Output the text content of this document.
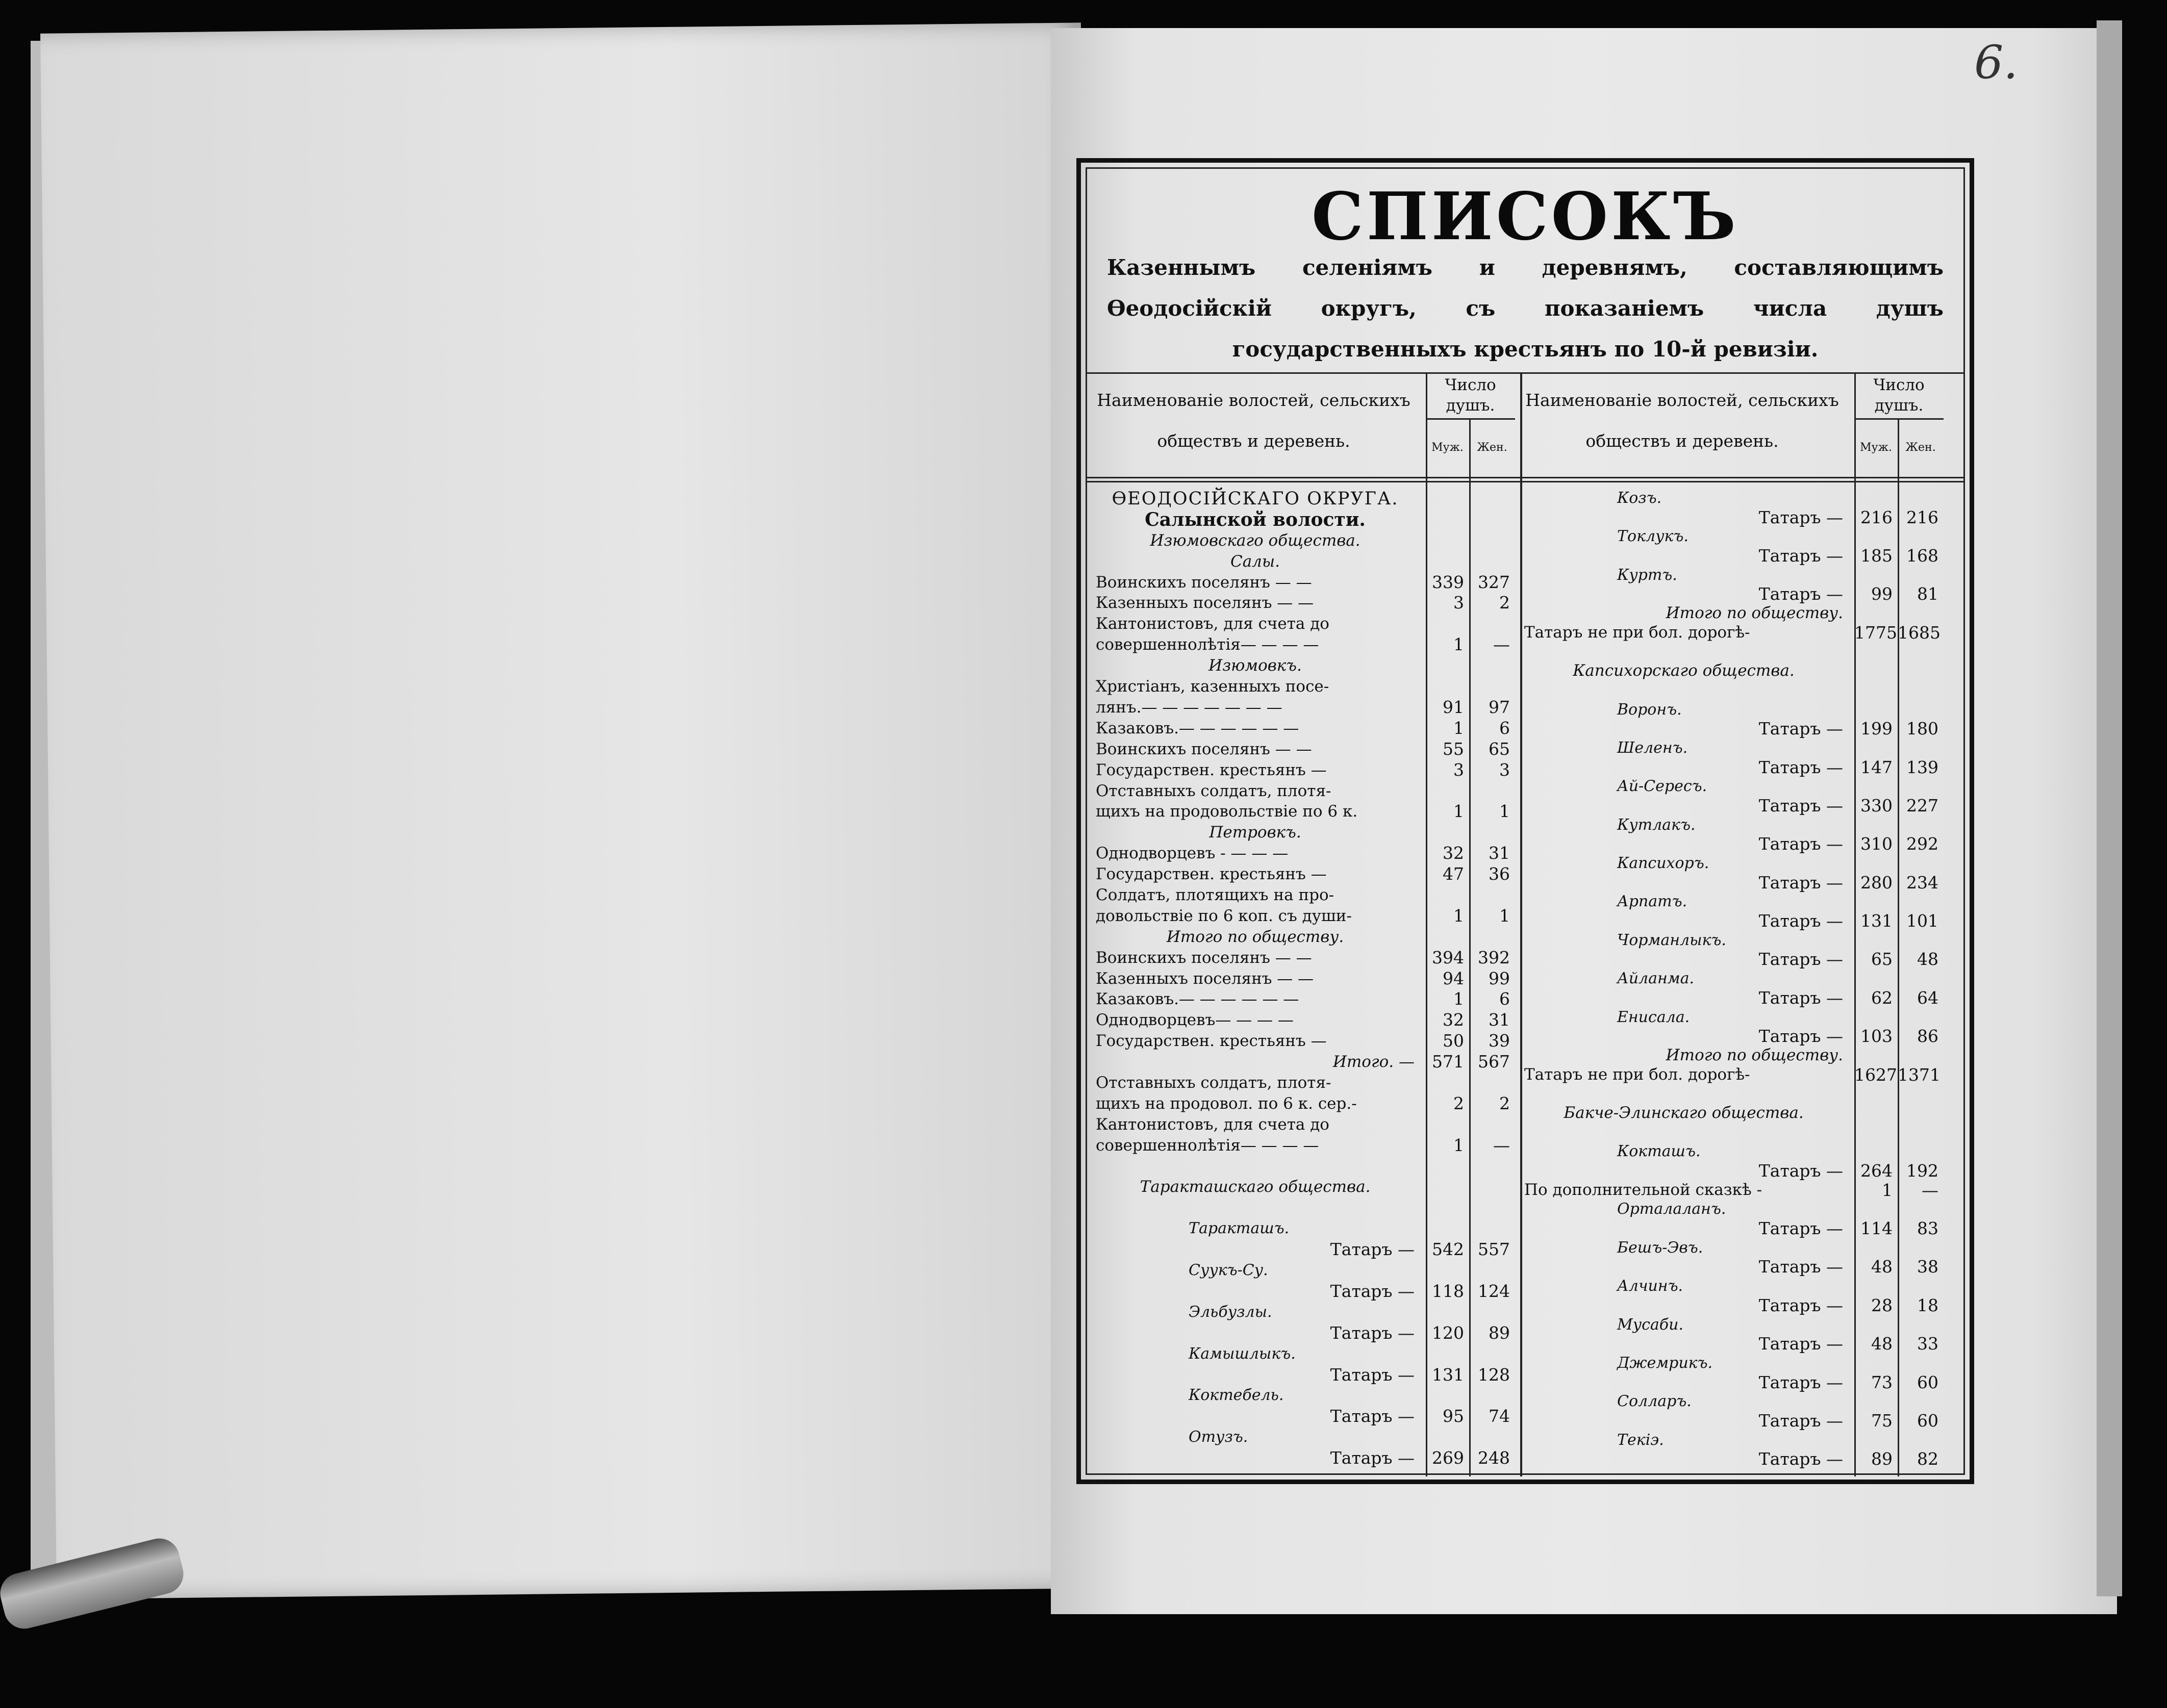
6.
СПИСОКЪ
Казеннымъ селеніямъ и деревнямъ, составляющимъ Өеодосійскій округъ, съ показаніемъ числа душъ государственныхъ крестьянъ по 10-й ревизіи.
Наименованіе волостей, сельскихъ обществъ и деревень.
Число душъ.
Муж.	Жен.
ӨЕОДОСІЙСКАГО ОКРУГА.
Салынской волости.
Изюмовскаго общества.
Салы.
Воинскихъ поселянъ — —	339 327
Казенныхъ поселянъ — —	3	2
Кантонистовъ, для счета до
совершеннолѣтія— — — —	1	—
Изюмовкъ.
Христіанъ, казенныхъ посе-
лянъ.— — — — — — —	91	97
Казаковъ.— — — — — —	1	6
Воинскихъ поселянъ — —	55	65
Государствен. крестьянъ —	3	3
Отставныхъ солдатъ, плотя-
щихъ на продовольствіе по 6 к.	1	1
Петровкъ.
Однодворцевъ - — — —	32	31
Государствен. крестьянъ —	47	36
Солдатъ, плотящихъ на про-
довольствіе по 6 коп. съ души-	1	1
Итого по обществу.
Воинскихъ поселянъ — —	394 392
Казенныхъ поселянъ — —	94	99
Казаковъ.— — — — — —	1	6
Однодворцевъ— — — —	32	31
Государствен. крестьянъ —	50	39
Итого. —	571 567
Отставныхъ солдатъ, плотя-
щихъ на продовол. по 6 к. сер.-	2	2
Кантонистовъ, для счета до
совершеннолѣтія— — — —	1	—
Таракташскаго общества.
Таракташъ.
Татаръ —	542 557
Суукъ-Су.
Татаръ —	118 124
Эльбузлы.
Татаръ —	120	89
Камышлыкъ.
Татаръ —	131 128
Коктебель.
Татаръ —	95	74
Отузъ.
Татаръ —	269 248
Наименованіе волостей, сельскихъ обществъ и деревень.
Число душъ.
Муж.	Жен.
Козъ.
Татаръ —	216 216
Токлукъ.
Татаръ —	185 168
Куртъ.
Татаръ —	99	81
Итого по обществу.
Татаръ не при бол. дорогѣ-	1775 1685
Капсихорскаго общества.
Воронъ.
Татаръ —	199 180
Шеленъ.
Татаръ —	147 139
Ай-Сересъ.
Татаръ —	330 227
Кутлакъ.
Татаръ —	310 292
Капсихоръ.
Татаръ —	280 234
Арпатъ.
Татаръ —	131 101
Чорманлыкъ.
Татаръ —	65	48
Айланма.
Татаръ —	62	64
Енисала.
Татаръ —	103	86
Итого по обществу.
Татаръ не при бол. дорогѣ-	1627 1371
Бакче-Элинскаго общества.
Кокташъ.
Татаръ —	264 192
По дополнительной сказкѣ -	1	—
Орталаланъ.
Татаръ —	114	83
Бешъ-Эвъ.
Татаръ —	48	38
Алчинъ.
Татаръ —	28	18
Мусаби.
Татаръ —	48	33
Джемрикъ.
Татаръ —	73	60
Солларъ.
Татаръ —	75	60
Текіэ.
Татаръ —	89	82
